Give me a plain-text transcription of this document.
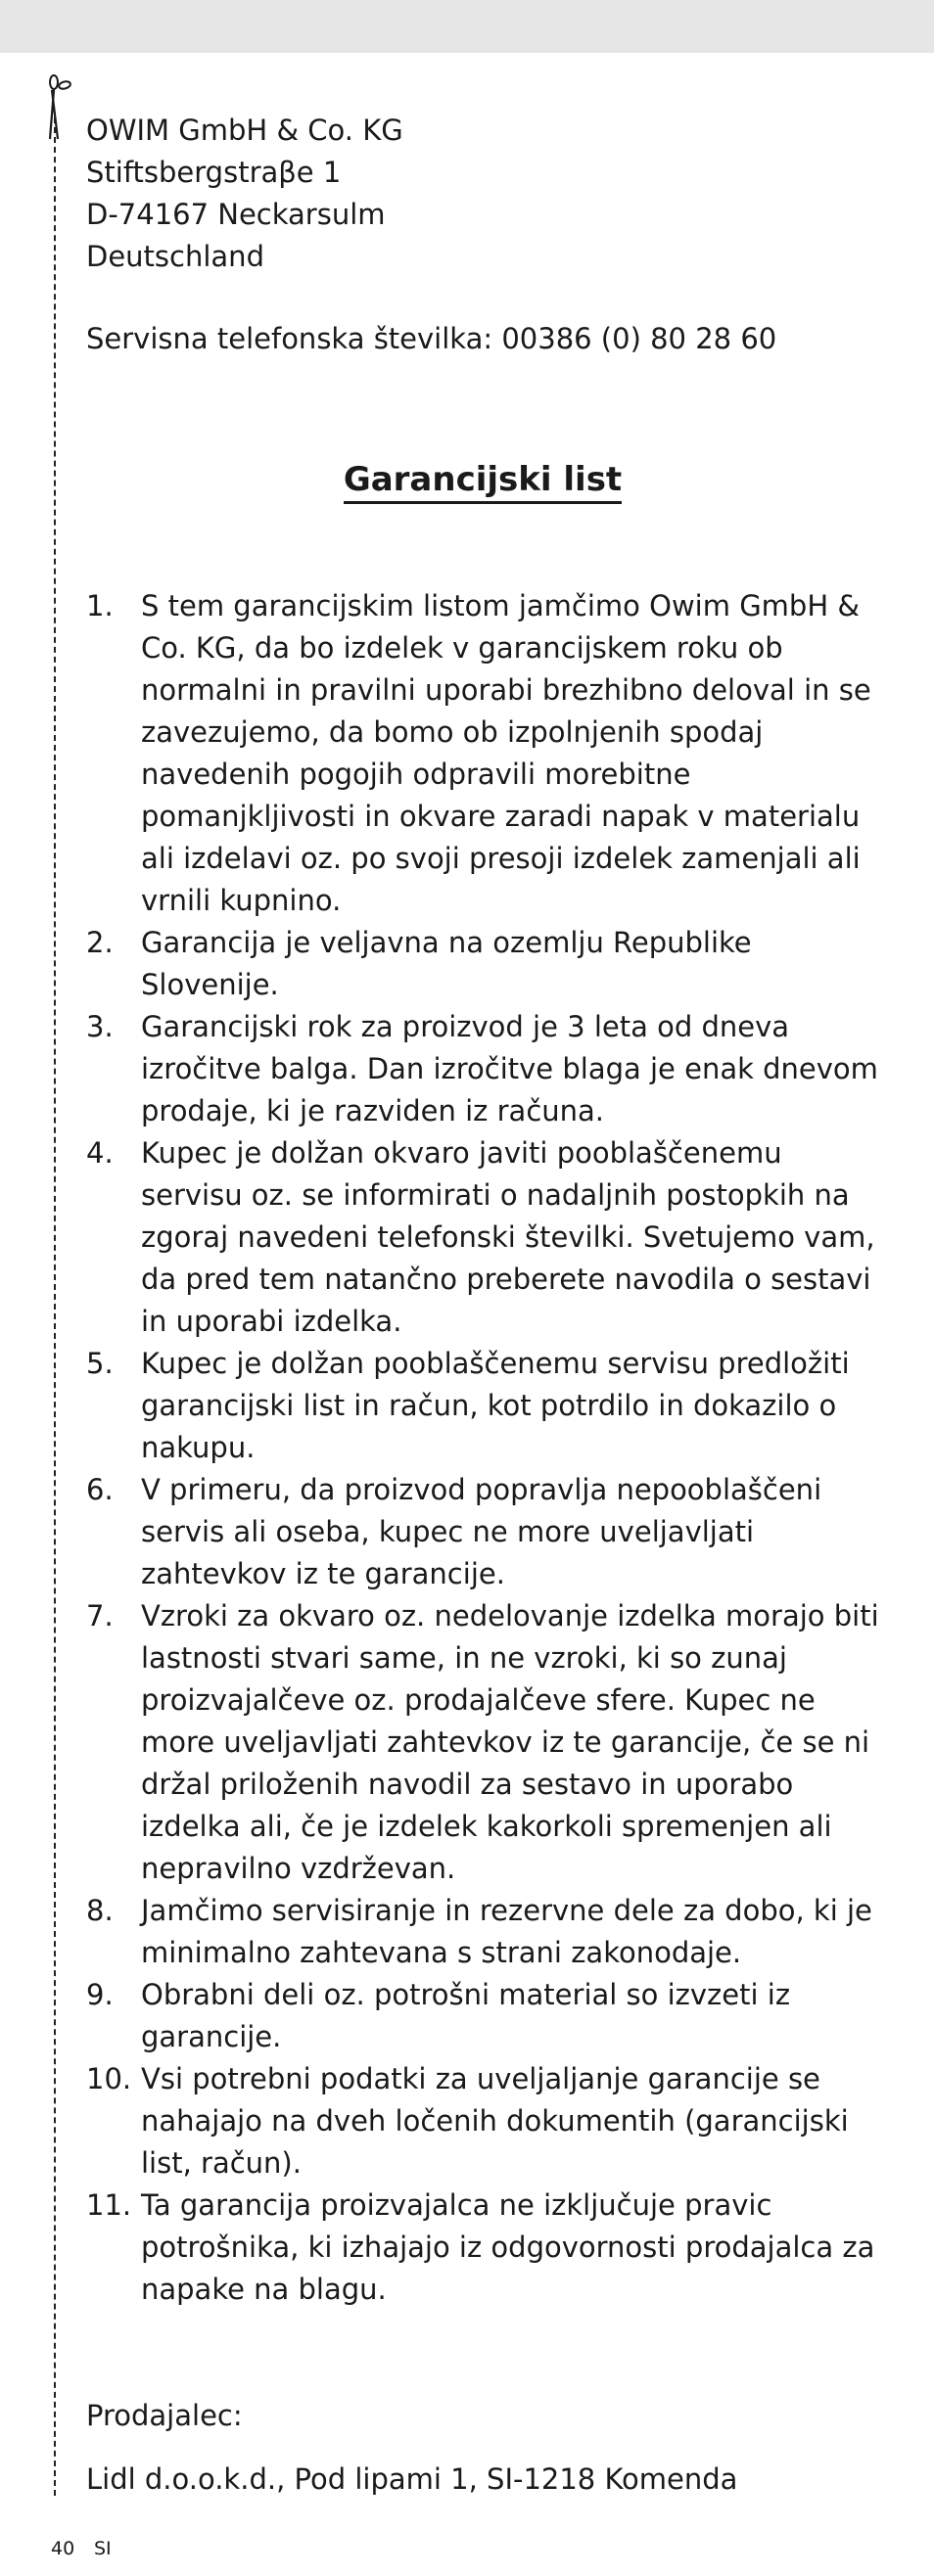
OWIM GmbH & Co. KG
Stiftsbergstraβe 1
D-74167 Neckarsulm
Deutschland
Servisna telefonska številka: 00386 (0) 80 28 60
Garancijski list
1. S tem garancijskim listom jamčimo Owim GmbH & Co. KG, da bo izdelek v garancijskem roku ob normalni in pravilni uporabi brezhibno deloval in se zavezujemo, da bomo ob izpolnjenih spodaj navedenih pogojih odpravili morebitne pomanjkljivosti in okvare zaradi napak v materialu ali izdelavi oz. po svoji presoji izdelek zamenjali ali vrnili kupnino.
2. Garancija je veljavna na ozemlju Republike Slovenije.
3. Garancijski rok za proizvod je 3 leta od dneva izročitve balga. Dan izročitve blaga je enak dnevom prodaje, ki je razviden iz računa.
4. Kupec je dolžan okvaro javiti pooblaščenemu servisu oz. se informirati o nadaljnih postopkih na zgoraj navedeni telefonski številki. Svetujemo vam, da pred tem natančno preberete navodila o sestavi in uporabi izdelka.
5. Kupec je dolžan pooblaščenemu servisu predložiti garancijski list in račun, kot potrdilo in dokazilo o nakupu.
6. V primeru, da proizvod popravlja nepooblaščeni servis ali oseba, kupec ne more uveljavljati zahtevkov iz te garancije.
7. Vzroki za okvaro oz. nedelovanje izdelka morajo biti lastnosti stvari same, in ne vzroki, ki so zunaj proizvajalčeve oz. prodajalčeve sfere. Kupec ne more uveljavljati zahtevkov iz te garancije, če se ni držal priloženih navodil za sestavo in uporabo izdelka ali, če je izdelek kakorkoli spremenjen ali nepravilno vzdrževan.
8. Jamčimo servisiranje in rezervne dele za dobo, ki je minimalno zahtevana s strani zakonodaje.
9. Obrabni deli oz. potrošni material so izvzeti iz garancije.
10. Vsi potrebni podatki za uveljaljanje garancije se nahajajo na dveh ločenih dokumentih (garancijski list, račun).
11. Ta garancija proizvajalca ne izključuje pravic potrošnika, ki izhajajo iz odgovornosti prodajalca za napake na blagu.
Prodajalec:
Lidl d.o.o.k.d., Pod lipami 1, SI-1218 Komenda
40 SI
